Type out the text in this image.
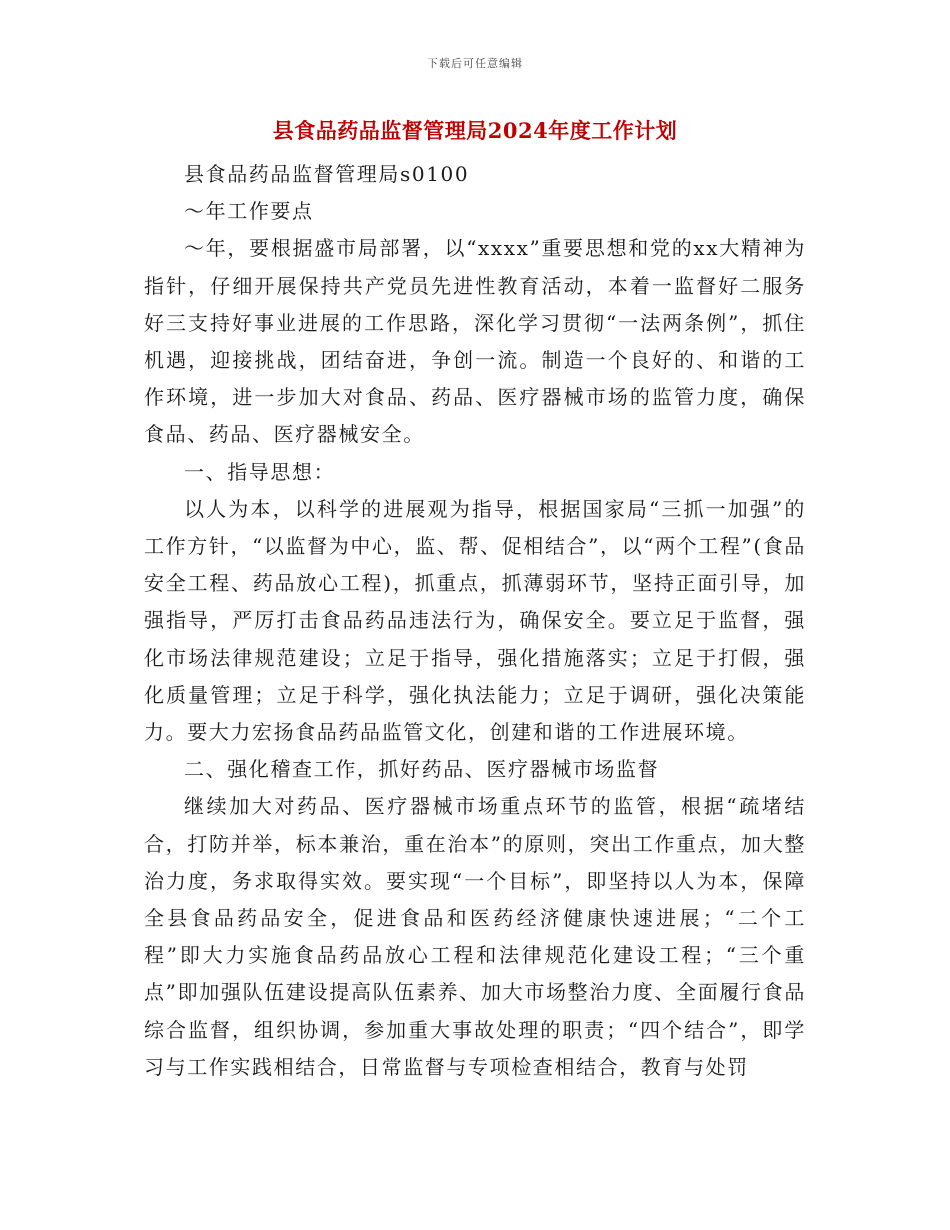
下载后可任意编辑
县食品药品监督管理局2024年度工作计划

县食品药品监督管理局s0100

～年工作要点

～年，要根据盛市局部署，以“xxxx”重要思想和党的xx大精神为指针，仔细开展保持共产党员先进性教育活动，本着一监督好二服务好三支持好事业进展的工作思路，深化学习贯彻“一法两条例”，抓住机遇，迎接挑战，团结奋进，争创一流。制造一个良好的、和谐的工作环境，进一步加大对食品、药品、医疗器械市场的监管力度，确保食品、药品、医疗器械安全。

一、指导思想：

以人为本，以科学的进展观为指导，根据国家局“三抓一加强”的工作方针，“以监督为中心，监、帮、促相结合”，以“两个工程”(食品安全工程、药品放心工程)，抓重点，抓薄弱环节，坚持正面引导，加强指导，严厉打击食品药品违法行为，确保安全。要立足于监督，强化市场法律规范建设；立足于指导，强化措施落实；立足于打假，强化质量管理；立足于科学，强化执法能力；立足于调研，强化决策能力。要大力宏扬食品药品监管文化，创建和谐的工作进展环境。

二、强化稽查工作，抓好药品、医疗器械市场监督

继续加大对药品、医疗器械市场重点环节的监管，根据“疏堵结合，打防并举，标本兼治，重在治本”的原则，突出工作重点，加大整治力度，务求取得实效。要实现“一个目标”，即坚持以人为本，保障全县食品药品安全，促进食品和医药经济健康快速进展；“二个工程”即大力实施食品药品放心工程和法律规范化建设工程；“三个重点”即加强队伍建设提高队伍素养、加大市场整治力度、全面履行食品综合监督，组织协调，参加重大事故处理的职责；“四个结合”，即学习与工作实践相结合，日常监督与专项检查相结合，教育与处罚
